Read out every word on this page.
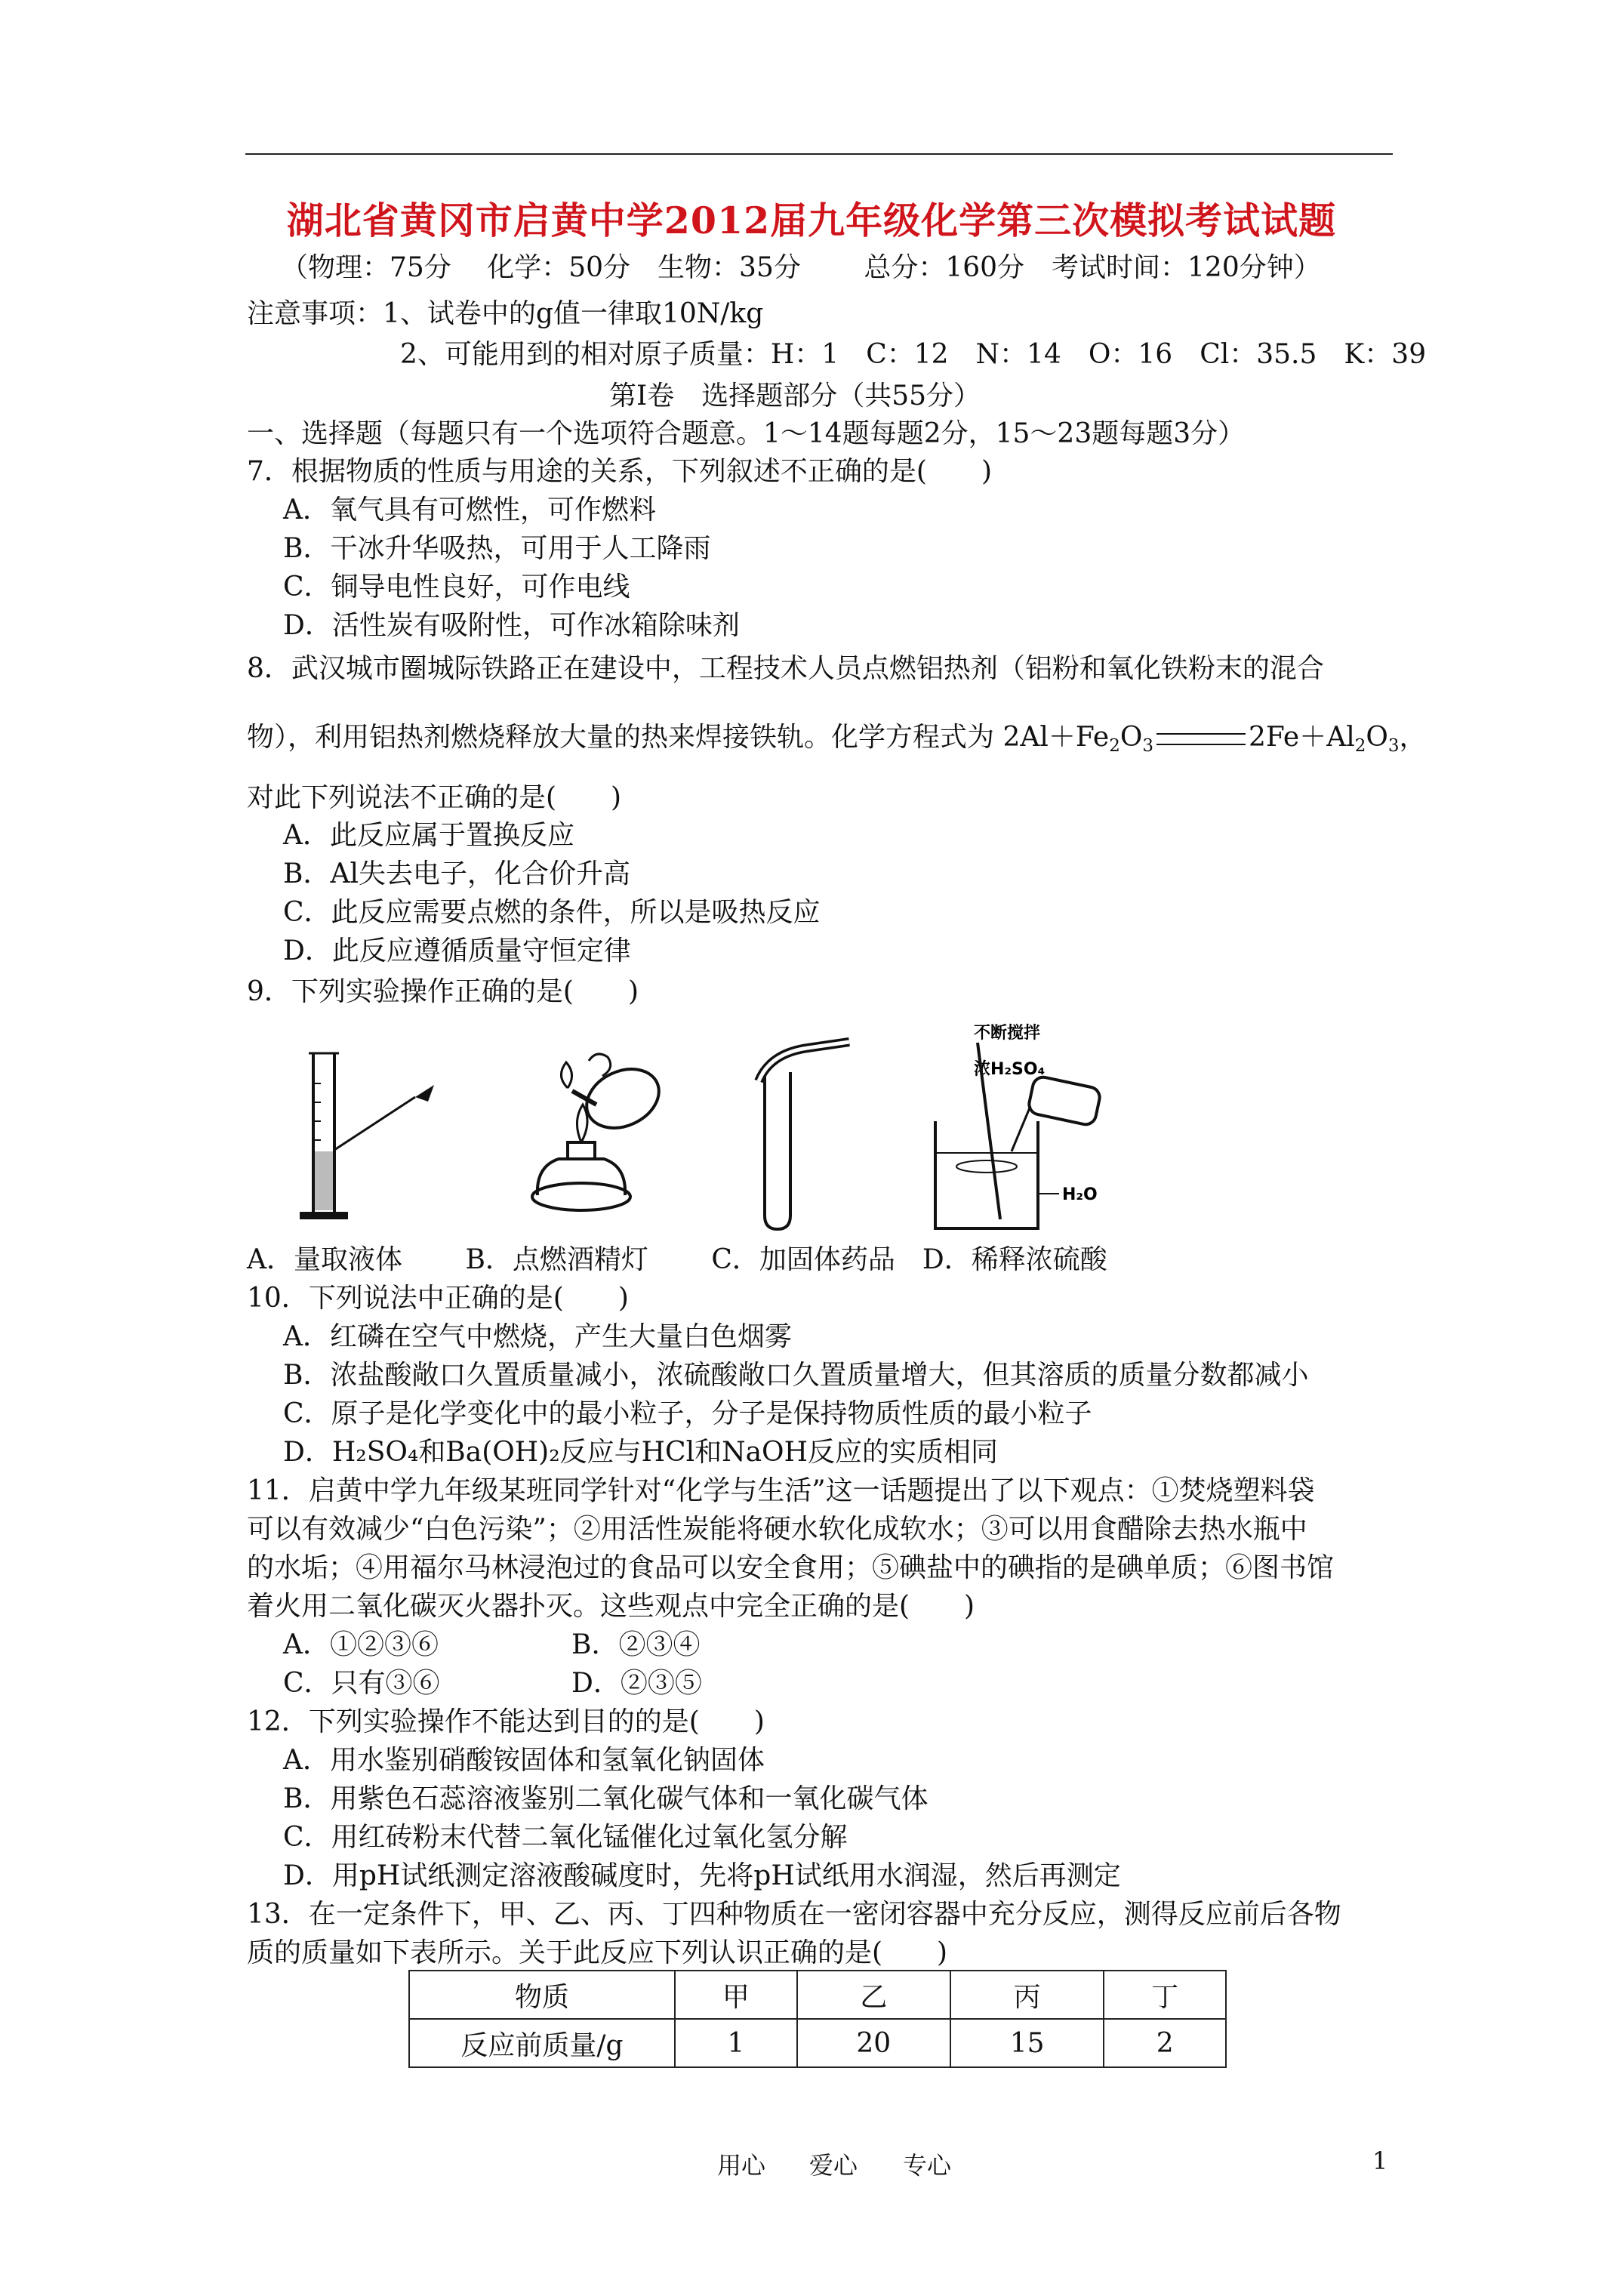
湖北省黄冈市启黄中学2012届九年级化学第三次模拟考试试题
（物理：75分　 化学：50分　生物：35分　　 总分：160分　考试时间：120分钟）
注意事项：1、试卷中的g值一律取10N/kg
2、可能用到的相对原子质量：H：1　C：12　N：14　O：16　Cl：35.5　K：39
第Ⅰ卷　选择题部分（共55分）
一、选择题（每题只有一个选项符合题意。1～14题每题2分，15～23题每题3分）
7．根据物质的性质与用途的关系，下列叙述不正确的是(　　)
A．氧气具有可燃性，可作燃料
B．干冰升华吸热，可用于人工降雨
C．铜导电性良好，可作电线
D．活性炭有吸附性，可作冰箱除味剂
8．武汉城市圈城际铁路正在建设中，工程技术人员点燃铝热剂（铝粉和氧化铁粉末的混合
物），利用铝热剂燃烧释放大量的热来焊接铁轨。化学方程式为 $2Al+Fe_2O_3$	$2Fe+Al_2O_3$，
对此下列说法不正确的是(　　)
A．此反应属于置换反应
B．Al失去电子，化合价升高
C．此反应需要点燃的条件，所以是吸热反应
D．此反应遵循质量守恒定律
9．下列实验操作正确的是(　　)
不断搅拌
浓H₂SO₄
H₂O
A．量取液体　　 B．点燃酒精灯　　 C．加固体药品　D．稀释浓硫酸
10．下列说法中正确的是(　　)
A．红磷在空气中燃烧，产生大量白色烟雾
B．浓盐酸敞口久置质量减小，浓硫酸敞口久置质量增大，但其溶质的质量分数都减小
C．原子是化学变化中的最小粒子，分子是保持物质性质的最小粒子
D．H₂SO₄和Ba(OH)₂反应与HCl和NaOH反应的实质相同
11．启黄中学九年级某班同学针对“化学与生活”这一话题提出了以下观点：①焚烧塑料袋
可以有效减少“白色污染”；②用活性炭能将硬水软化成软水；③可以用食醋除去热水瓶中
的水垢；④用福尔马林浸泡过的食品可以安全食用；⑤碘盐中的碘指的是碘单质；⑥图书馆
着火用二氧化碳灭火器扑灭。这些观点中完全正确的是(　　)
A．①②③⑥	B．②③④
C．只有③⑥	D．②③⑤
12．下列实验操作不能达到目的的是(　　)
A．用水鉴别硝酸铵固体和氢氧化钠固体
B．用紫色石蕊溶液鉴别二氧化碳气体和一氧化碳气体
C．用红砖粉末代替二氧化锰催化过氧化氢分解
D．用pH试纸测定溶液酸碱度时，先将pH试纸用水润湿，然后再测定
13．在一定条件下，甲、乙、丙、丁四种物质在一密闭容器中充分反应，测得反应前后各物
质的质量如下表所示。关于此反应下列认识正确的是(　　)
物质	甲	乙	丙	丁
反应前质量/g	1	20	15	2
用心 爱心 专心	1
